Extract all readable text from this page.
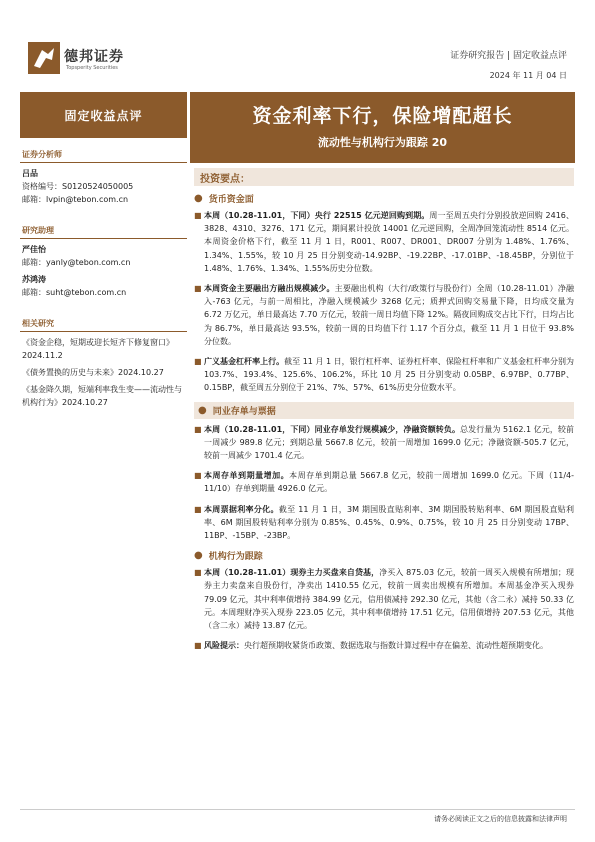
德邦证券
Topsperity Securities
证券研究报告 | 固定收益点评
2024 年 11 月 04 日
固定收益点评	资金利率下行，保险增配超长
流动性与机构行为跟踪 20
证券分析师
吕品
资格编号：S0120524050005
邮箱：lvpin@tebon.com.cn
研究助理
严佳怡
邮箱：yanly@tebon.com.cn
苏鸿涛
邮箱：suht@tebon.com.cn
相关研究
《资金企稳，短期或迎长短齐下修复窗口》2024.11.2
《债务置换的历史与未来》2024.10.27
《基金降久期，短端利率我生变——流动性与机构行为》2024.10.27
投资要点：
● 货币资金面
■ 本周（10.28-11.01，下同）央行 22515 亿元逆回购到期。周一至周五央行分别投放逆回购 2416、3828、4310、3276、171 亿元，期间累计投放 14001 亿元逆回购，全周净回笼流动性 8514 亿元。本周资金价格下行，截至 11 月 1 日，R001、R007、DR001、DR007 分别为 1.48%、1.76%、1.34%、1.55%，较 10 月 25 日分别变动-14.92BP、-19.22BP、-17.01BP、-18.45BP，分别位于 1.48%、1.76%、1.34%、1.55%历史分位数。
■ 本周资金主要融出方融出规模减少。主要融出机构（大行/政策行与股份行）全周（10.28-11.01）净融入-763 亿元，与前一周相比，净融入规模减少 3268 亿元；质押式回购交易量下降，日均成交量为 6.72 万亿元，单日最高达 7.70 万亿元，较前一周日均值下降 12%。隔夜回购成交占比下行，日均占比为 86.7%，单日最高达 93.5%，较前一周的日均值下行 1.17 个百分点，截至 11 月 1 日位于 93.8%分位数。
■ 广义基金杠杆率上行。截至 11 月 1 日，银行杠杆率、证券杠杆率、保险杠杆率和广义基金杠杆率分别为 103.7%、193.4%、125.6%、106.2%，环比 10 月 25 日分别变动 0.05BP、6.97BP、0.77BP、0.15BP，截至周五分别位于 21%、7%、57%、61%历史分位数水平。
● 同业存单与票据
■ 本周（10.28-11.01，下同）同业存单发行规模减少，净融资额转负。总发行量为 5162.1 亿元，较前一周减少 989.8 亿元；到期总量 5667.8 亿元，较前一周增加 1699.0 亿元；净融资额-505.7 亿元，较前一周减少 1701.4 亿元。
■ 本周存单到期量增加。本周存单到期总量 5667.8 亿元，较前一周增加 1699.0 亿元。下周（11/4-11/10）存单到期量 4926.0 亿元。
■ 本周票据利率分化。截至 11 月 1 日，3M 期国股直贴利率、3M 期国股转贴利率、6M 期国股直贴利率、6M 期国股转贴利率分别为 0.85%、0.45%、0.9%、0.75%，较 10 月 25 日分别变动 17BP、11BP、-15BP、-23BP。
● 机构行为跟踪
■ 本周（10.28-11.01）现券主力买盘来自贷基，净买入 875.03 亿元，较前一周买入规模有所增加；现券主力卖盘来自股份行，净卖出 1410.55 亿元，较前一周卖出规模有所增加。本周基金净买入现券 79.09 亿元，其中利率债增持 384.99 亿元，信用债减持 292.30 亿元，其他（含二永）减持 50.33 亿元。本周理财净买入现券 223.05 亿元，其中利率债增持 17.51 亿元，信用债增持 207.53 亿元，其他（含二永）减持 13.87 亿元。
■ 风险提示：央行超预期收紧货币政策、数据选取与指数计算过程中存在偏差、流动性超预期变化。
请务必阅读正文之后的信息披露和法律声明
